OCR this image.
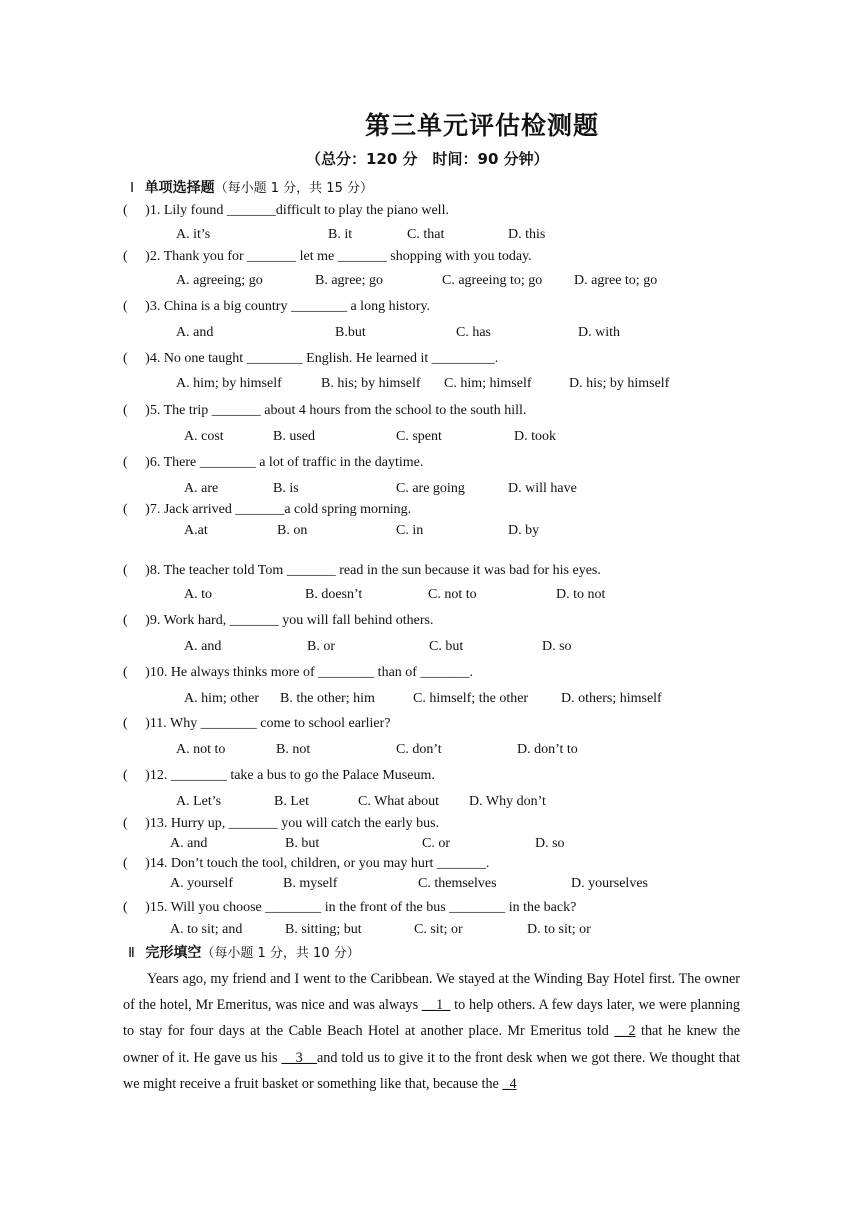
第三单元评估检测题
（总分：120 分　时间：90 分钟）
Ⅰ 单项选择题（每小题 1 分，共 15 分）
(　 )1. Lily found _______difficult to play the piano well.
A. it’s	B. it	C. that	D. this
(　 )2. Thank you for _______ let me _______ shopping with you today.
A. agreeing; go	B. agree; go	C. agreeing to; go D. agree to; go
(　 )3. China is a big country ________ a long history.
A. and	B.but	C. has	D. with
(　 )4. No one taught ________ English. He learned it _________.
A. him; by himself	B. his; by himself C. him; himself	D. his; by himself
(　 )5. The trip _______ about 4 hours from the school to the south hill.
A. cost	B. used	C. spent	D. took
(　 )6. There ________ a lot of traffic in the daytime.
A. are	B. is	C. are going	D. will have
(　 )7. Jack arrived _______a cold spring morning.
A.at	B. on	C. in	D. by
(　 )8. The teacher told Tom _______ read in the sun because it was bad for his eyes.
A. to	B. doesn’t	C. not to	D. to not
(　 )9. Work hard, _______ you will fall behind others.
A. and	B. or	C. but	D. so
(　 )10. He always thinks more of ________ than of _______.
A. him; other B. the other; him	C. himself; the other D. others; himself
(　 )11. Why ________ come to school earlier?
A. not to	B. not	C. don’t	D. don’t to
(　 )12. ________ take a bus to go the Palace Museum.
A. Let’s	B. Let	C. What about D. Why don’t
(　 )13. Hurry up, _______ you will catch the early bus.
A. and	B. but	C. or	D. so
(　 )14. Don’t touch the tool, children, or you may hurt _______.
A. yourself	B. myself	C. themselves	D. yourselves
(　 )15. Will you choose ________ in the front of the bus ________ in the back?
A. to sit; and	B. sitting; but	C. sit; or	D. to sit; or
Ⅱ 完形填空（每小题 1 分，共 10 分）

Years ago, my friend and I went to the Caribbean. We stayed at the Winding Bay Hotel first. The owner of the hotel, Mr Emeritus, was nice and was always __1_ to help others. A few days later, we were planning to stay for four days at the Cable Beach Hotel at another place. Mr Emeritus told __2 that he knew the owner of it. He gave us his __3__and told us to give it to the front desk when we got there. We thought that we might receive a fruit basket or something like that, because the _4
